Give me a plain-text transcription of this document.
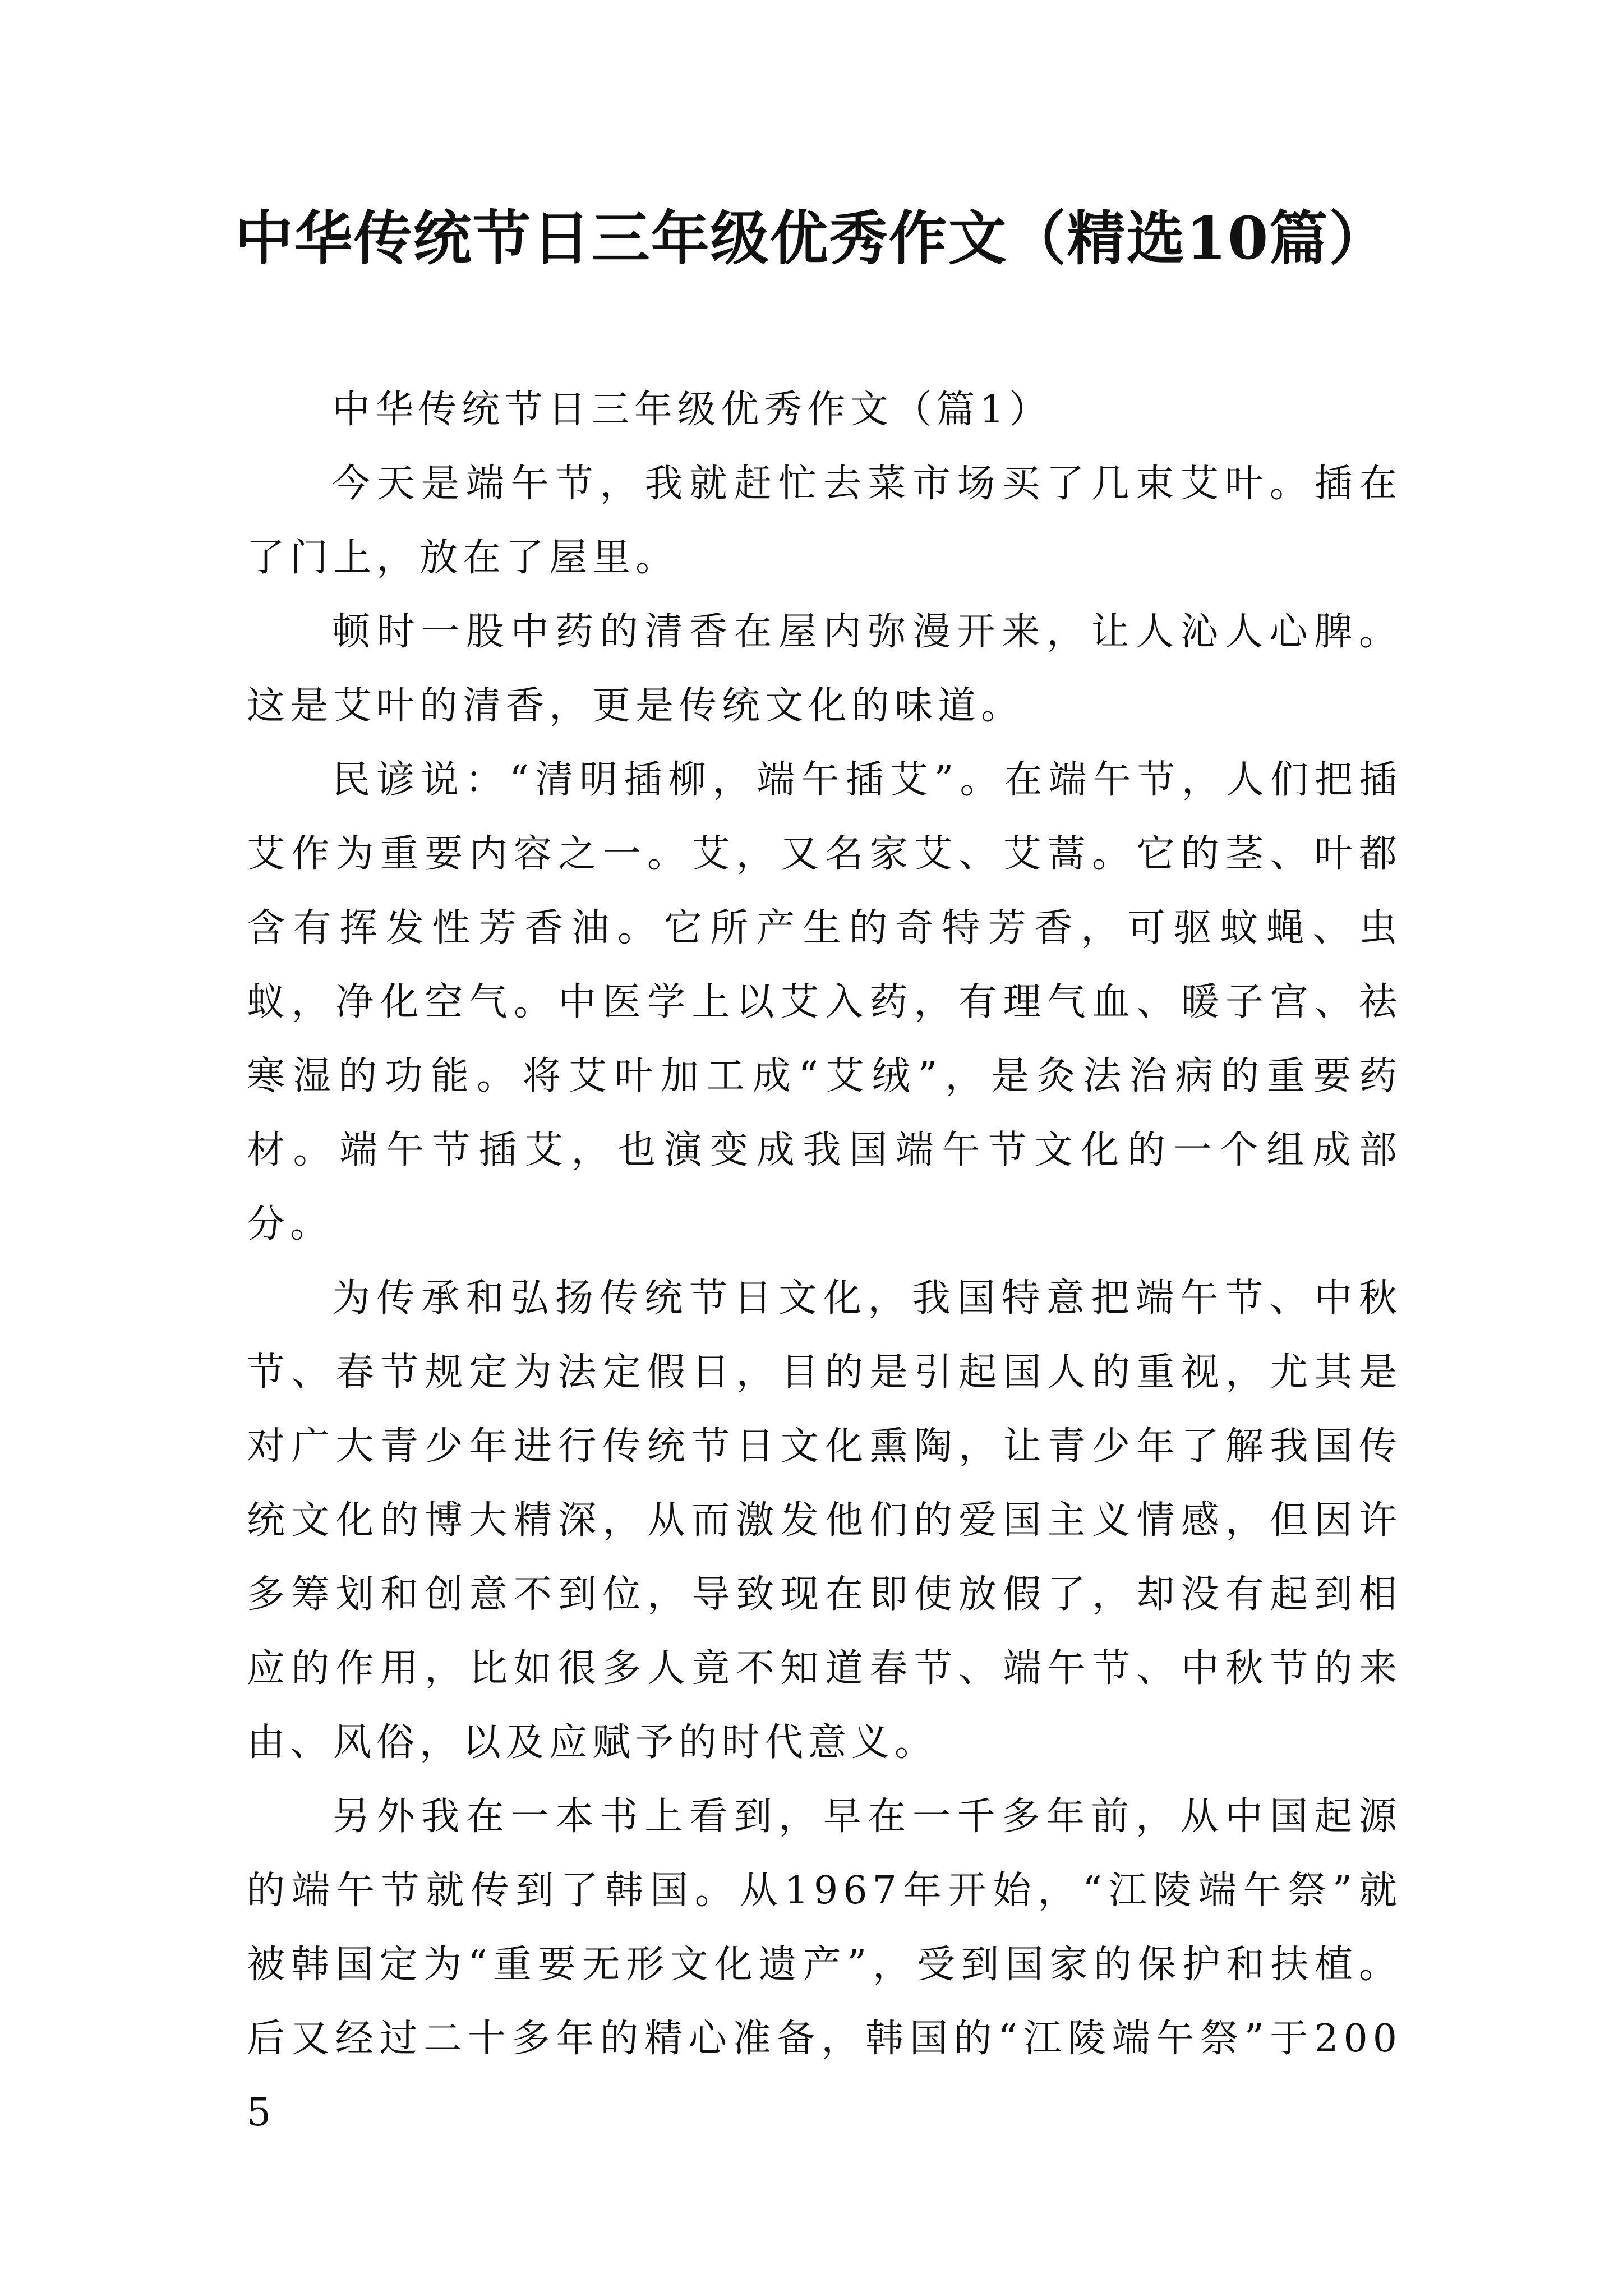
中华传统节日三年级优秀作文（精选10篇）

中华传统节日三年级优秀作文（篇1）

今天是端午节，我就赶忙去菜市场买了几束艾叶。插在了门上，放在了屋里。

顿时一股中药的清香在屋内弥漫开来，让人沁人心脾。这是艾叶的清香，更是传统文化的味道。

民谚说：“清明插柳，端午插艾”。在端午节，人们把插艾作为重要内容之一。艾，又名家艾、艾蒿。它的茎、叶都含有挥发性芳香油。它所产生的奇特芳香，可驱蚊蝇、虫蚁，净化空气。中医学上以艾入药，有理气血、暖子宫、祛寒湿的功能。将艾叶加工成“艾绒”，是灸法治病的重要药材。端午节插艾，也演变成我国端午节文化的一个组成部分。

为传承和弘扬传统节日文化，我国特意把端午节、中秋节、春节规定为法定假日，目的是引起国人的重视，尤其是对广大青少年进行传统节日文化熏陶，让青少年了解我国传统文化的博大精深，从而激发他们的爱国主义情感，但因许多筹划和创意不到位，导致现在即使放假了，却没有起到相应的作用，比如很多人竟不知道春节、端午节、中秋节的来由、风俗，以及应赋予的时代意义。

另外我在一本书上看到，早在一千多年前，从中国起源的端午节就传到了韩国。从1967年开始，“江陵端午祭”就被韩国定为“重要无形文化遗产”，受到国家的保护和扶植。后又经过二十多年的精心准备，韩国的“江陵端午祭”于2005
